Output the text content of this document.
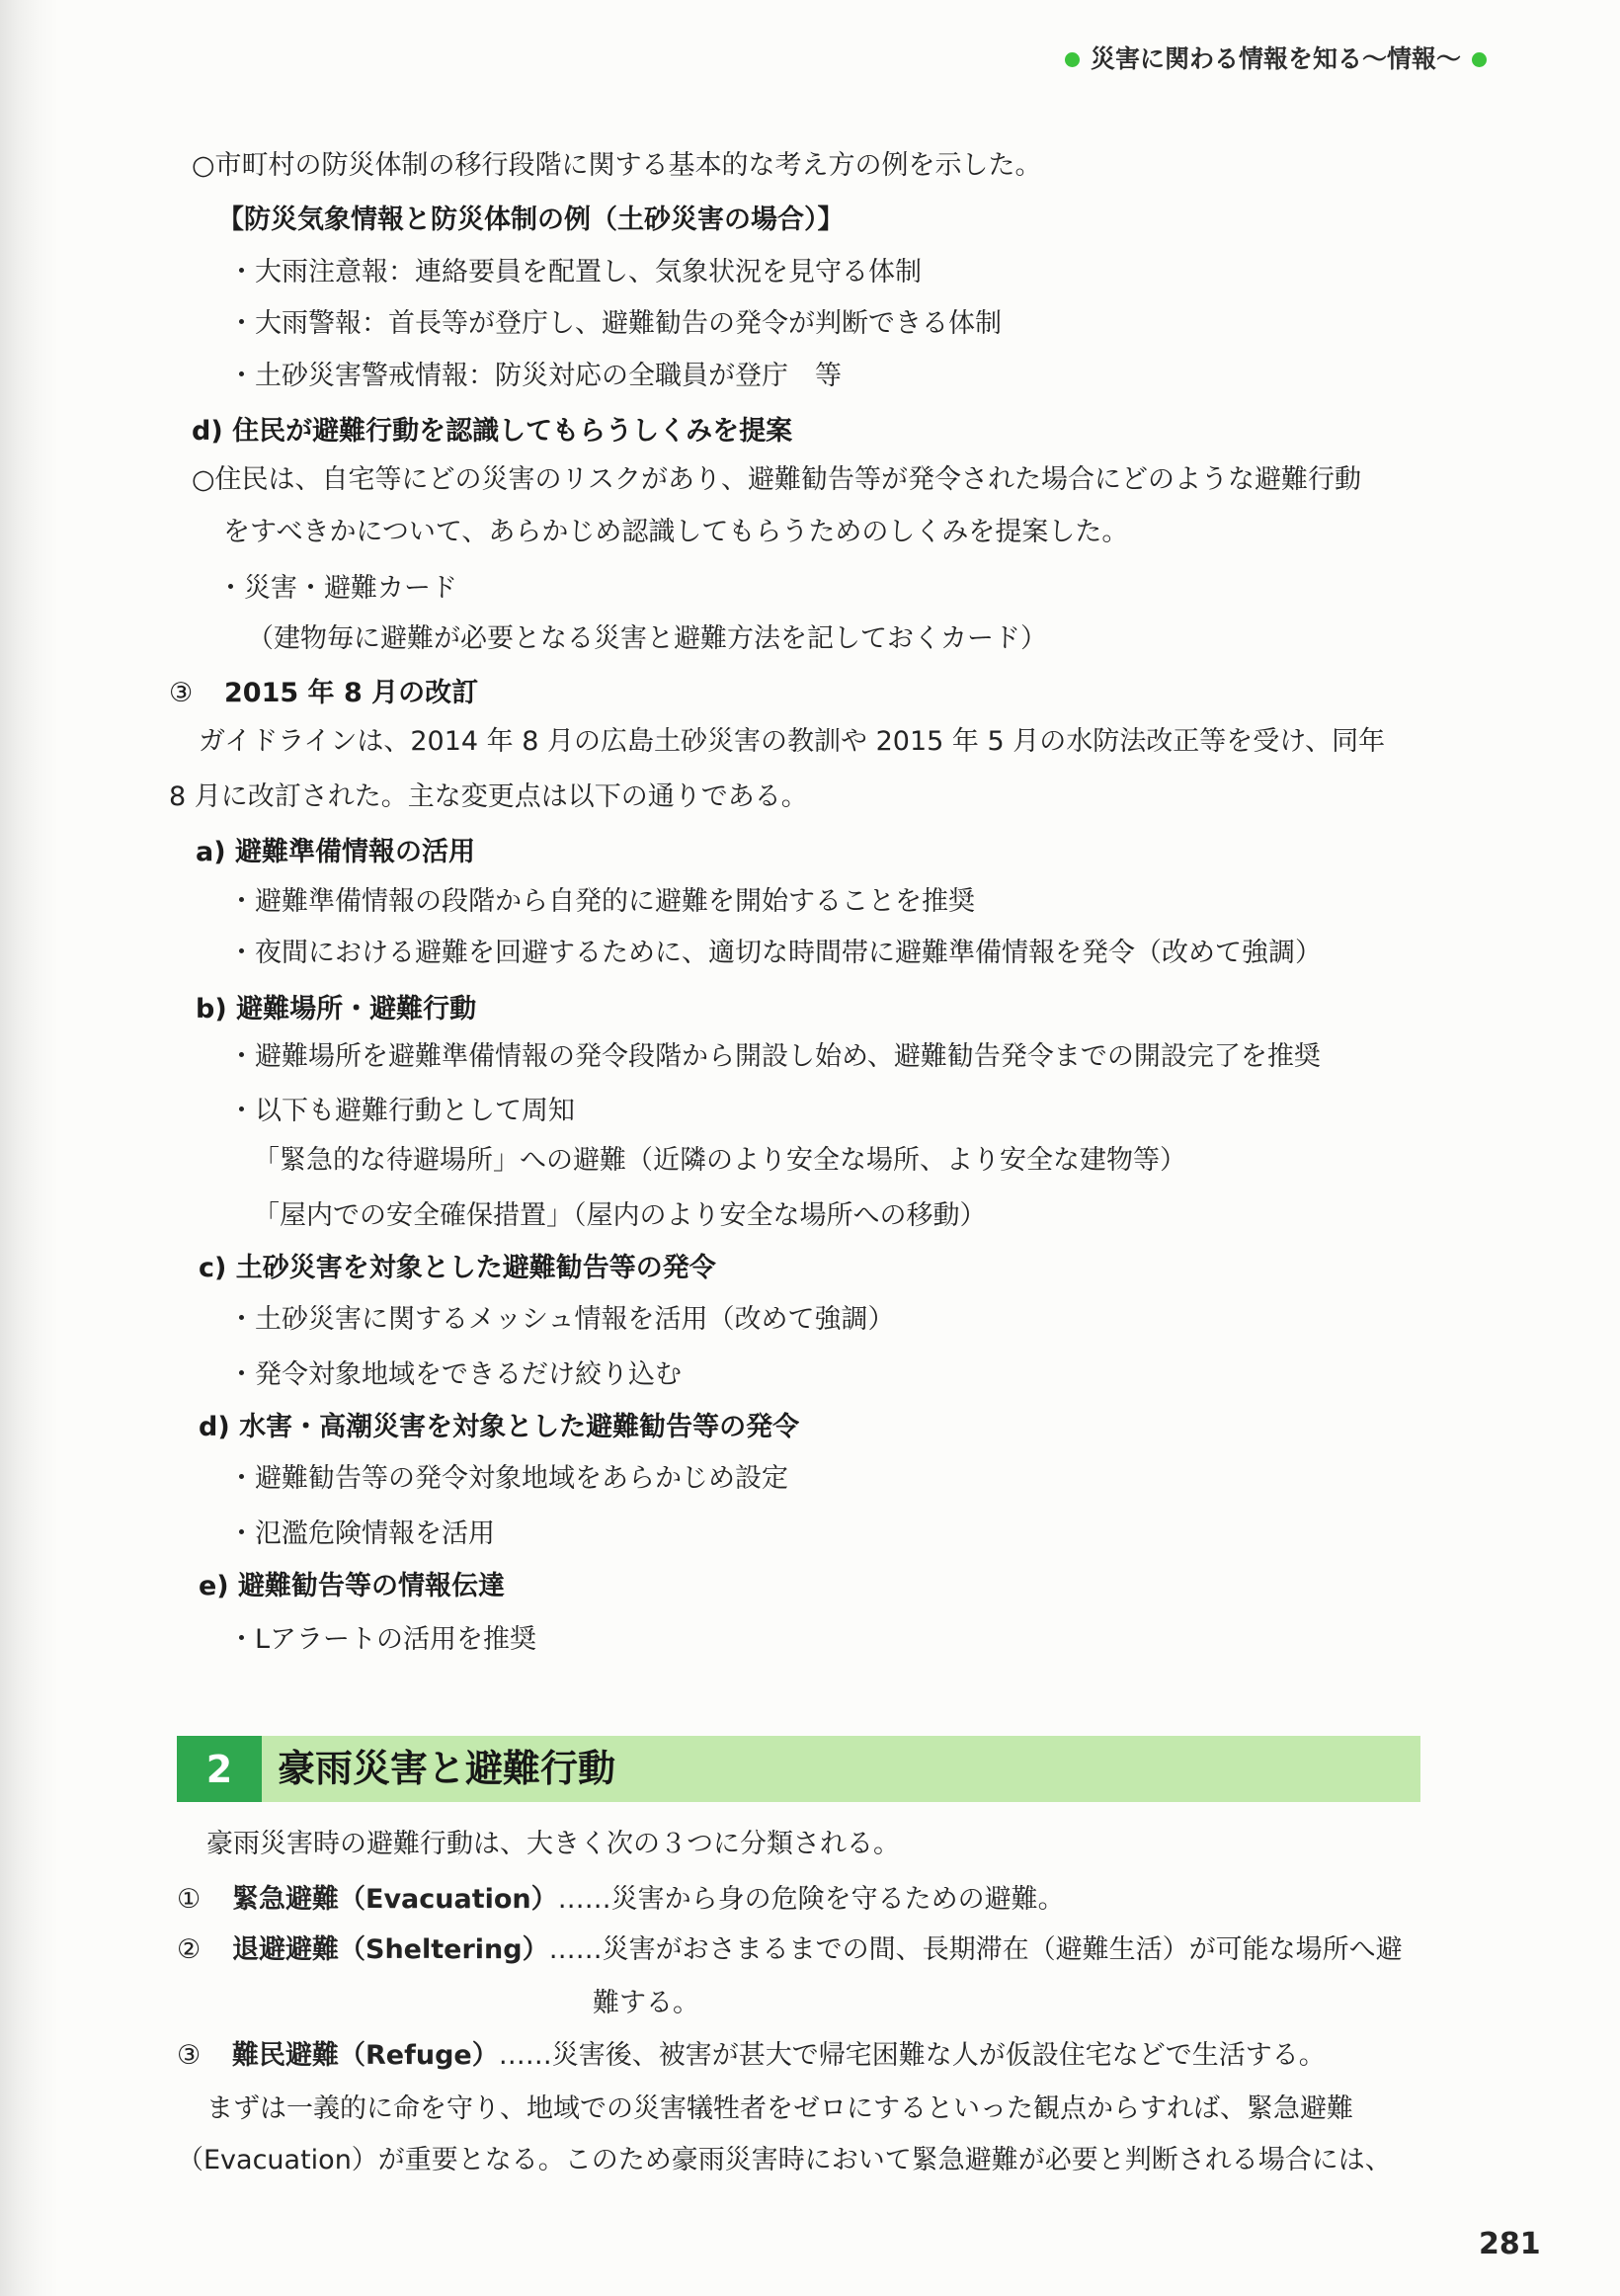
災害に関わる情報を知る〜情報〜
○市町村の防災体制の移行段階に関する基本的な考え方の例を示した。
【防災気象情報と防災体制の例（土砂災害の場合）】
・大雨注意報：連絡要員を配置し、気象状況を見守る体制
・大雨警報：首長等が登庁し、避難勧告の発令が判断できる体制
・土砂災害警戒情報：防災対応の全職員が登庁　等
d) 住民が避難行動を認識してもらうしくみを提案
○住民は、自宅等にどの災害のリスクがあり、避難勧告等が発令された場合にどのような避難行動
をすべきかについて、あらかじめ認識してもらうためのしくみを提案した。
・災害・避難カード
（建物毎に避難が必要となる災害と避難方法を記しておくカード）
③ 2015 年 8 月の改訂
ガイドラインは、2014 年 8 月の広島土砂災害の教訓や 2015 年 5 月の水防法改正等を受け、同年
8 月に改訂された。主な変更点は以下の通りである。
a) 避難準備情報の活用
・避難準備情報の段階から自発的に避難を開始することを推奨
・夜間における避難を回避するために、適切な時間帯に避難準備情報を発令（改めて強調）
b) 避難場所・避難行動
・避難場所を避難準備情報の発令段階から開設し始め、避難勧告発令までの開設完了を推奨
・以下も避難行動として周知
「緊急的な待避場所」への避難（近隣のより安全な場所、より安全な建物等）
「屋内での安全確保措置」（屋内のより安全な場所への移動）
c) 土砂災害を対象とした避難勧告等の発令
・土砂災害に関するメッシュ情報を活用（改めて強調）
・発令対象地域をできるだけ絞り込む
d) 水害・高潮災害を対象とした避難勧告等の発令
・避難勧告等の発令対象地域をあらかじめ設定
・氾濫危険情報を活用
e) 避難勧告等の情報伝達
・Lアラートの活用を推奨
2	豪雨災害と避難行動
豪雨災害時の避難行動は、大きく次の３つに分類される。
① 緊急避難（Evacuation）……災害から身の危険を守るための避難。
② 退避避難（Sheltering）……災害がおさまるまでの間、長期滞在（避難生活）が可能な場所へ避
難する。
③ 難民避難（Refuge）……災害後、被害が甚大で帰宅困難な人が仮設住宅などで生活する。
まずは一義的に命を守り、地域での災害犠牲者をゼロにするといった観点からすれば、緊急避難
（Evacuation）が重要となる。このため豪雨災害時において緊急避難が必要と判断される場合には、
281
